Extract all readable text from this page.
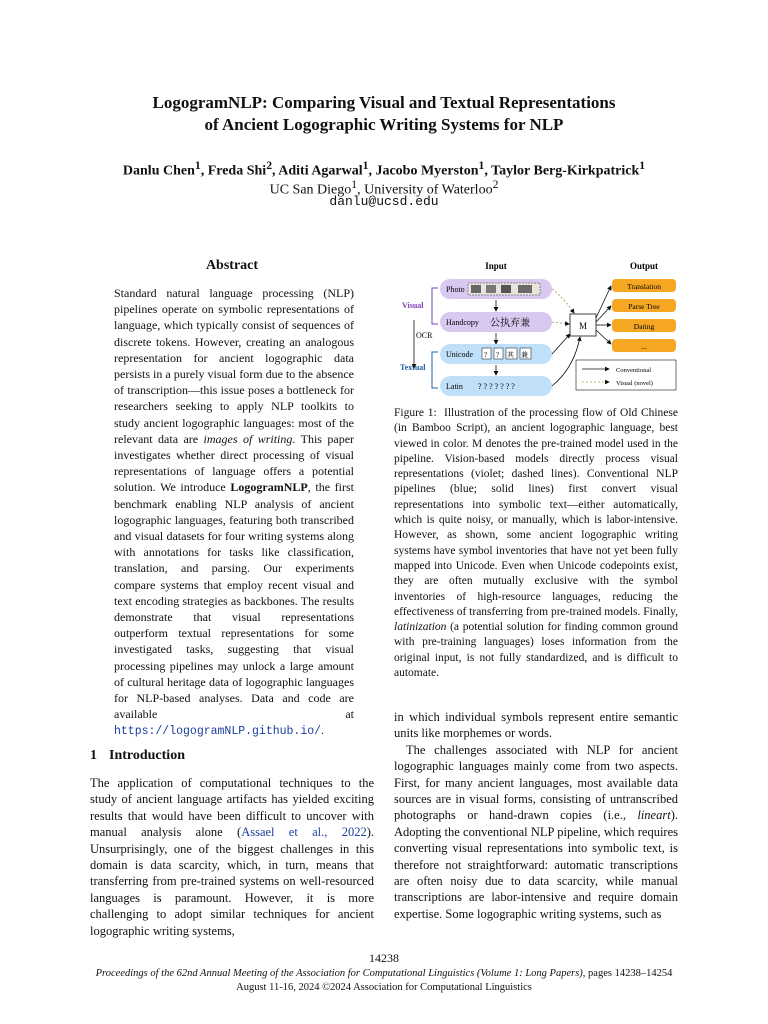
LogogramNLP: Comparing Visual and Textual Representations
of Ancient Logographic Writing Systems for NLP
Danlu Chen$^1$, Freda Shi$^2$, Aditi Agarwal$^1$, Jacobo Myerston$^1$, Taylor Berg-Kirkpatrick$^1$
UC San Diego$^1$, University of Waterloo$^2$
danlu@ucsd.edu
Abstract

Standard natural language processing (NLP) pipelines operate on symbolic representations of language, which typically consist of sequences of discrete tokens. However, creating an analogous representation for ancient logographic data persists in a purely visual form due to the absence of transcription—this issue poses a bottleneck for researchers seeking to apply NLP toolkits to study ancient logographic languages: most of the relevant data are images of writing. This paper investigates whether direct processing of visual representations of language offers a potential solution. We introduce LogogramNLP, the first benchmark enabling NLP analysis of ancient logographic languages, featuring both transcribed and visual datasets for four writing systems along with annotations for tasks like classification, translation, and parsing. Our experiments compare systems that employ recent visual and text encoding strategies as backbones. The results demonstrate that visual representations outperform textual representations for some investigated tasks, suggesting that visual processing pipelines may unlock a large amount of cultural heritage data of logographic languages for NLP-based analyses. Data and code are available at https://logogramNLP.github.io/.

1 Introduction

The application of computational techniques to the study of ancient language artifacts has yielded exciting results that would have been difficult to uncover with manual analysis alone (Assael et al., 2022). Unsurprisingly, one of the biggest challenges in this domain is data scarcity, which, in turn, means that transferring from pre-trained systems on well-resourced languages is paramount. However, it is more challenging to adopt similar techniques for ancient logographic writing systems,

Input	Output
Visual
Textual
OCR
Photo
Handcopy 公执弃兼
Unicode ? ? 其 兼
Latin ? ? ? ? ? ? ?
M
Translation
Parse Tree
Dating
...
Conventional
Visual (novel)

Figure 1: Illustration of the processing flow of Old Chinese (in Bamboo Script), an ancient logographic language, best viewed in color. M denotes the pre-trained model used in the pipeline. Vision-based models directly process visual representations (violet; dashed lines). Conventional NLP pipelines (blue; solid lines) first convert visual representations into symbolic text—either automatically, which is quite noisy, or manually, which is labor-intensive. However, as shown, some ancient logographic writing systems have symbol inventories that have not yet been fully mapped into Unicode. Even when Unicode codepoints exist, they are often mutually exclusive with the symbol inventories of high-resource languages, reducing the effectiveness of transferring from pre-trained models. Finally, latinization (a potential solution for finding common ground with pre-training languages) loses information from the original input, is not fully standardized, and is difficult to automate.

in which individual symbols represent entire semantic units like morphemes or words.

The challenges associated with NLP for ancient logographic languages mainly come from two aspects. First, for many ancient languages, most available data sources are in visual forms, consisting of untranscribed photographs or hand-drawn copies (i.e., lineart). Adopting the conventional NLP pipeline, which requires converting visual representations into symbolic text, is therefore not straightforward: automatic transcriptions are often noisy due to data scarcity, while manual transcriptions are labor-intensive and require domain expertise. Some logographic writing systems, such as

14238
Proceedings of the 62nd Annual Meeting of the Association for Computational Linguistics (Volume 1: Long Papers), pages 14238–14254
August 11-16, 2024 ©2024 Association for Computational Linguistics
